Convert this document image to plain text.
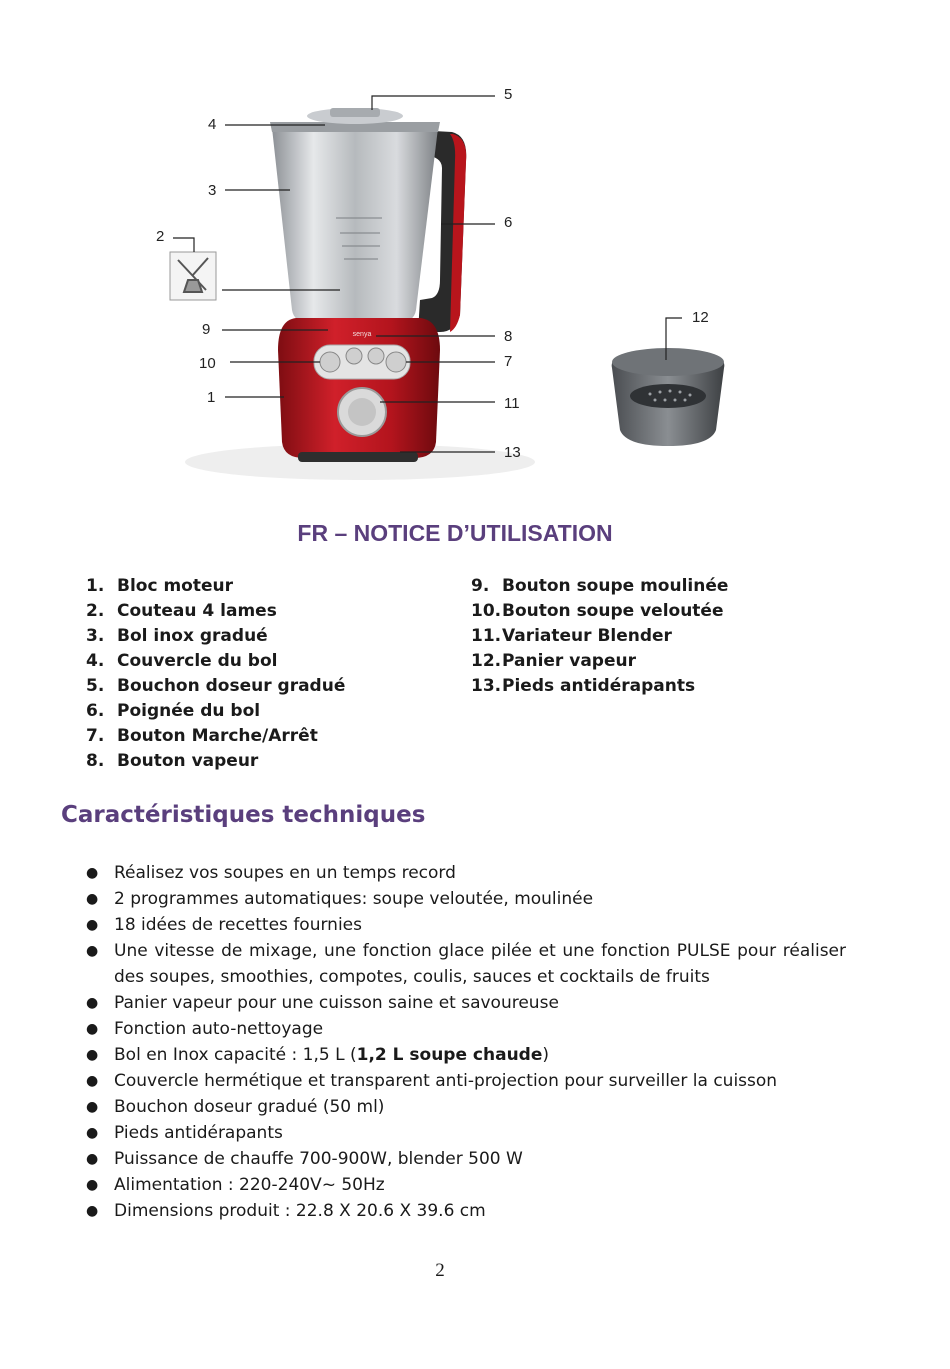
senya
5
4
3
2
6
9	8
10	7
1	11
13
12
FR – NOTICE D’UTILISATION
1. Bloc moteur
2. Couteau 4 lames
3. Bol inox gradué
4. Couvercle du bol
5. Bouchon doseur gradué
6. Poignée du bol
7. Bouton Marche/Arrêt
8. Bouton vapeur
9. Bouton soupe moulinée
10. Bouton soupe veloutée
11. Variateur Blender
12. Panier vapeur
13. Pieds antidérapants
Caractéristiques techniques
● Réalisez vos soupes en un temps record
● 2 programmes automatiques: soupe veloutée, moulinée
● 18 idées de recettes fournies
● Une vitesse de mixage, une fonction glace pilée et une fonction PULSE pour réaliser des soupes, smoothies, compotes, coulis, sauces et cocktails de fruits
● Panier vapeur pour une cuisson saine et savoureuse
● Fonction auto-nettoyage
● Bol en Inox capacité : 1,5 L (1,2 L soupe chaude)
● Couvercle hermétique et transparent anti-projection pour surveiller la cuisson
● Bouchon doseur gradué (50 ml)
● Pieds antidérapants
● Puissance de chauffe 700-900W, blender 500 W
● Alimentation : 220-240V~ 50Hz
● Dimensions produit : 22.8 X 20.6 X 39.6 cm
2
